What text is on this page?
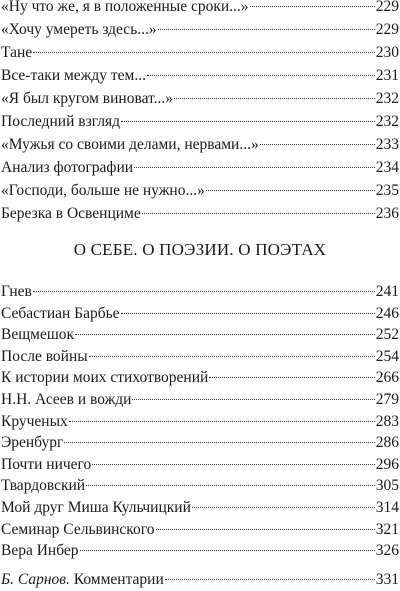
«Ну что же, я в положенные сроки...»	229
«Хочу умереть здесь...»	229
Тане	230
Все-таки между тем...	231
«Я был кругом виноват...»	232
Последний взгляд	232
«Мужья со своими делами, нервами...»	233
Анализ фотографии	234
«Господи, больше не нужно...»	235
Березка в Освенциме	236
О СЕБЕ. О ПОЭЗИИ. О ПОЭТАХ
Гнев	241
Себастиан Барбье	246
Вещмешок	252
После войны	254
К истории моих стихотворений	266
Н.Н. Асеев и вожди	279
Крученых	283
Эренбург	286
Почти ничего	296
Твардовский	305
Мой друг Миша Кульчицкий	314
Семинар Сельвинского	321
Вера Инбер	326
Б. Сарнов. Комментарии	331
